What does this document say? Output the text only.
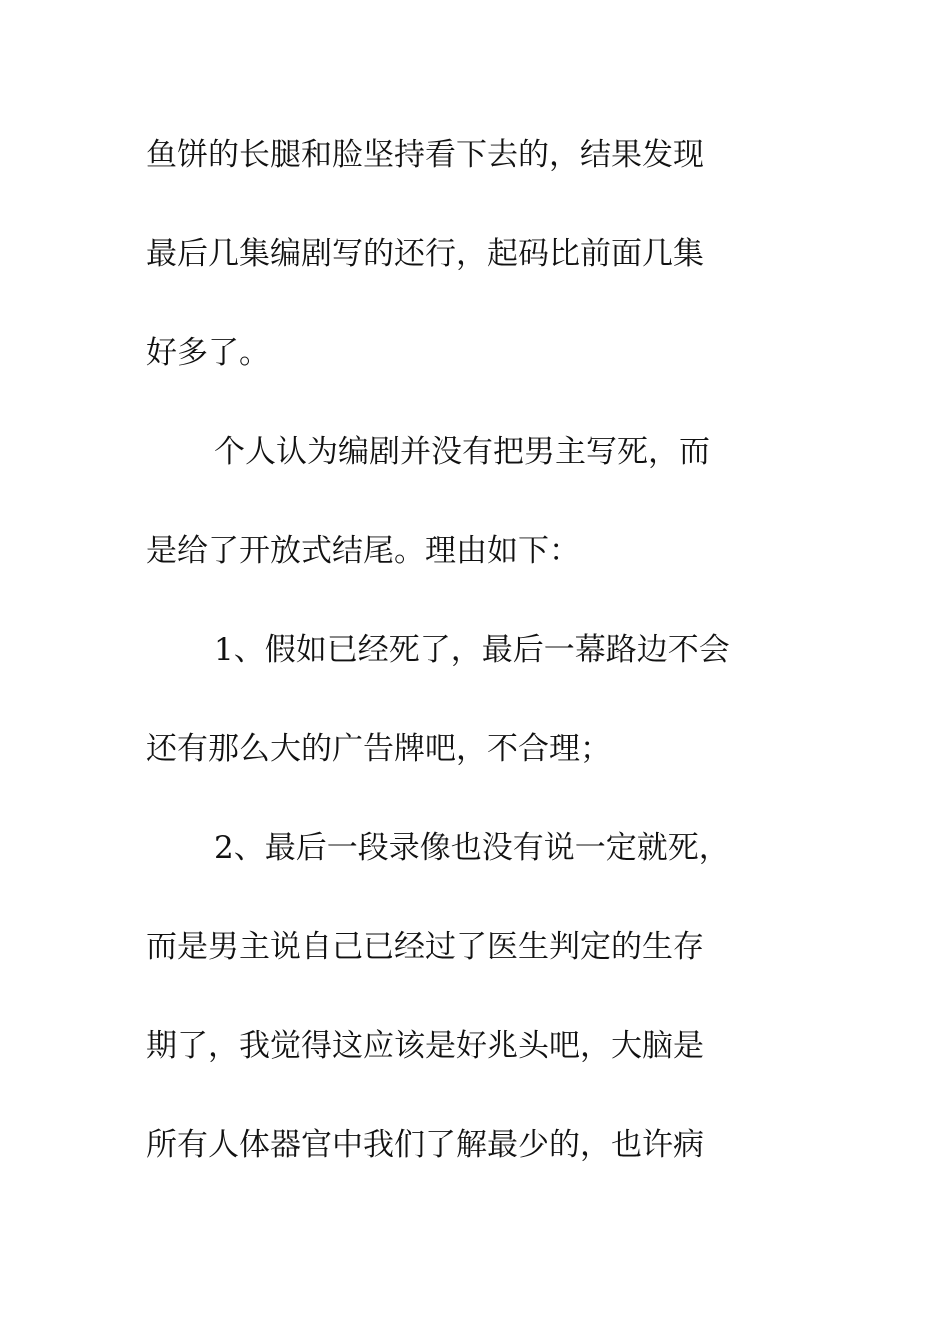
鱼饼的长腿和脸坚持看下去的，结果发现
最后几集编剧写的还行，起码比前面几集
好多了。
个人认为编剧并没有把男主写死，而
是给了开放式结尾。理由如下：
1、假如已经死了，最后一幕路边不会
还有那么大的广告牌吧，不合理；
2、最后一段录像也没有说一定就死，
而是男主说自己已经过了医生判定的生存
期了，我觉得这应该是好兆头吧，大脑是
所有人体器官中我们了解最少的，也许病
